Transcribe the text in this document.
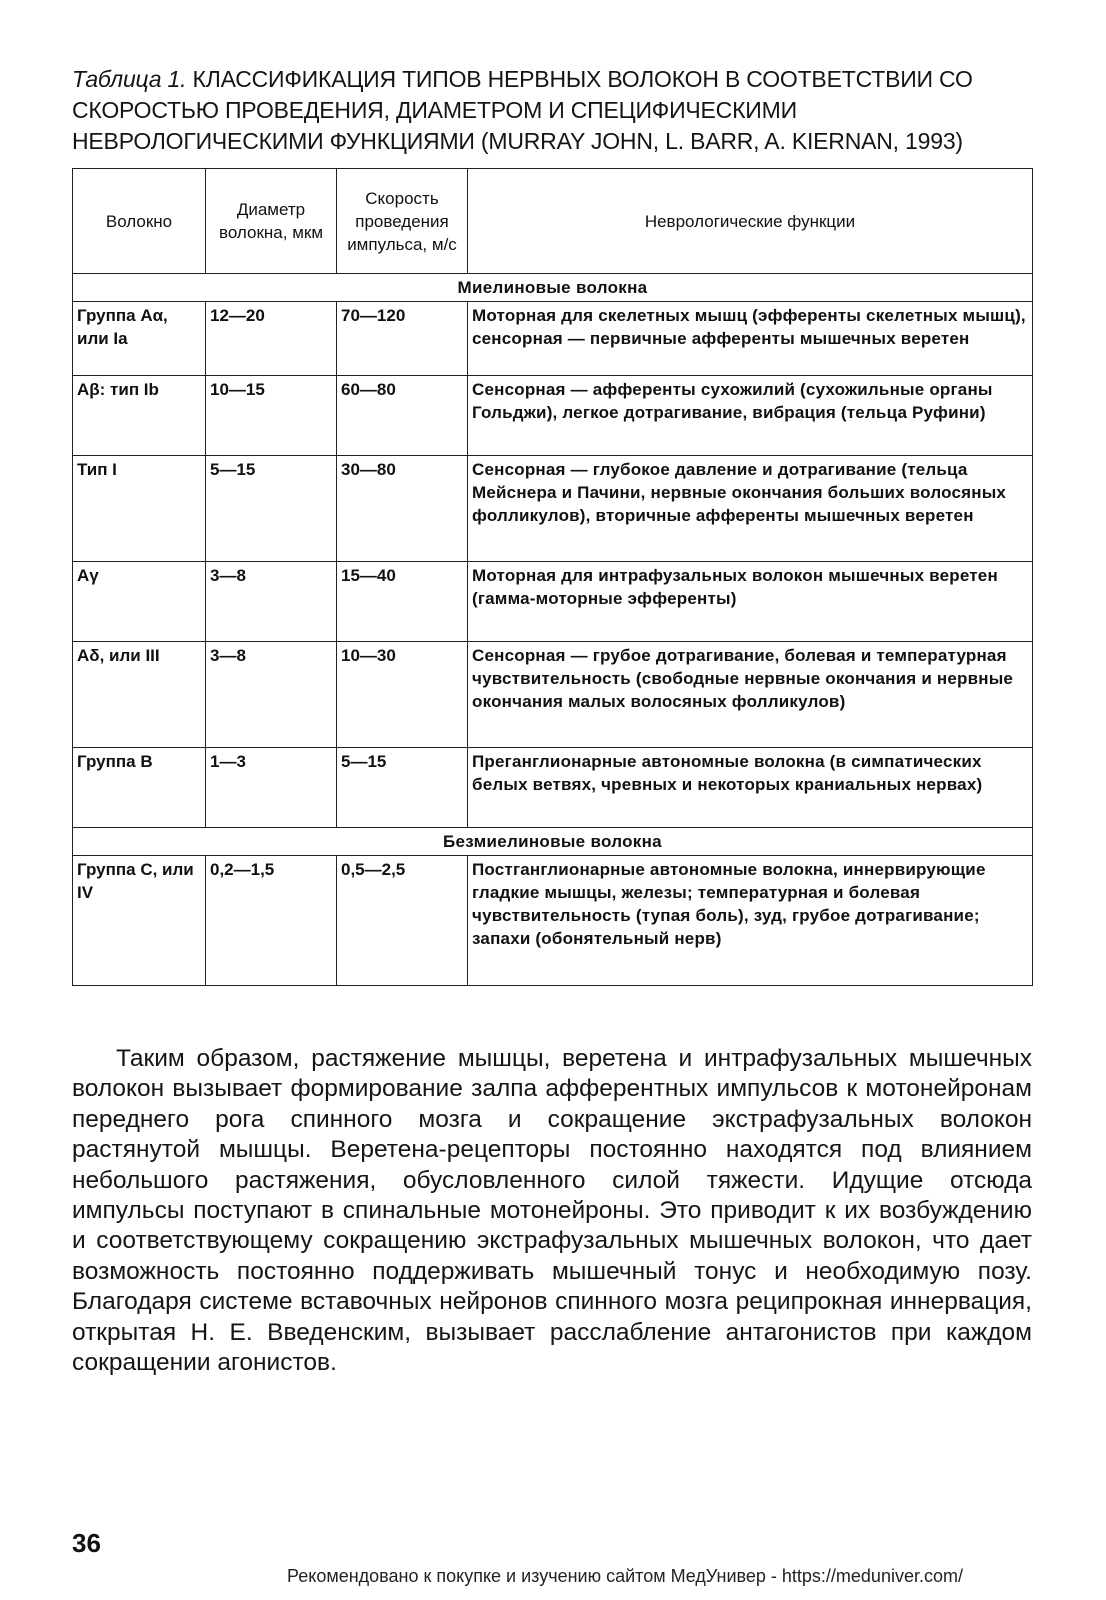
Таблица 1. КЛАССИФИКАЦИЯ ТИПОВ НЕРВНЫХ ВОЛОКОН В СООТВЕТСТВИИ СО СКОРОСТЬЮ ПРОВЕДЕНИЯ, ДИАМЕТРОМ И СПЕЦИФИЧЕСКИМИ НЕВРОЛОГИЧЕСКИМИ ФУНКЦИЯМИ (MURRAY JOHN, L. BARR, A. KIERNAN, 1993)
Волокно	Диаметр волокна, мкм	Скорость проведения импульса, м/с	Неврологические функции
Миелиновые волокна			
Группа Аα, или Ia	12—20	70—120	Моторная для скелетных мышц (эфференты скелетных мышц), сенсорная — первичные афференты мышечных веретен
Аβ: тип Ib	10—15	60—80	Сенсорная — афференты сухожилий (сухожильные органы Гольджи), легкое дотрагивание, вибрация (тельца Руфини)
Тип I	5—15	30—80	Сенсорная — глубокое давление и дотрагивание (тельца Мейснера и Пачини, нервные окончания больших волосяных фолликулов), вторичные афференты мышечных веретен
Аγ	3—8	15—40	Моторная для интрафузальных волокон мышечных веретен (гамма-моторные эфференты)
Аδ, или III	3—8	10—30	Сенсорная — грубое дотрагивание, болевая и температурная чувствительность (свободные нервные окончания и нервные окончания малых волосяных фолликулов)
Группа В	1—3	5—15	Преганглионарные автономные волокна (в симпатических белых ветвях, чревных и некоторых краниальных нервах)
Безмиелиновые волокна			
Группа С, или IV	0,2—1,5	0,5—2,5	Постганглионарные автономные волокна, иннервирующие гладкие мышцы, железы; температурная и болевая чувствительность (тупая боль), зуд, грубое дотрагивание; запахи (обонятельный нерв)

Таким образом, растяжение мышцы, веретена и интрафузальных мышечных волокон вызывает формирование залпа афферентных импульсов к мотонейронам переднего рога спинного мозга и сокращение экстрафузальных волокон растянутой мышцы. Веретена-рецепторы постоянно находятся под влиянием небольшого растяжения, обусловленного силой тяжести. Идущие отсюда импульсы поступают в спинальные мотонейроны. Это приводит к их возбуждению и соответствующему сокращению экстрафузальных мышечных волокон, что дает возможность постоянно поддерживать мышечный тонус и необходимую позу. Благодаря системе вставочных нейронов спинного мозга реципрокная иннервация, открытая Н. Е. Введенским, вызывает расслабление антагонистов при каждом сокращении агонистов.

36
Рекомендовано к покупке и изучению сайтом МедУнивер - https://meduniver.com/
